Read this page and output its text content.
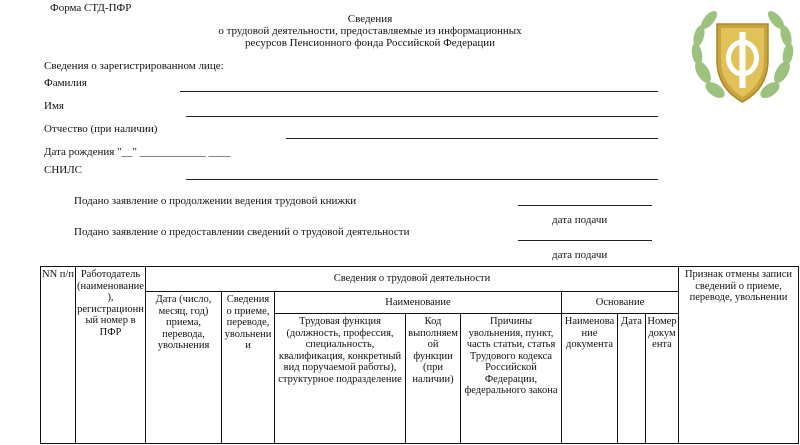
Форма СТД-ПФР
Сведения
о трудовой деятельности, предоставляемые из информационных
ресурсов Пенсионного фонда Российской Федерации
Сведения о зарегистрированном лице:
Фамилия
Имя
Отчество (при наличии)
Дата рождения "__" ____________ ____
СНИЛС
Подано заявление о продолжении ведения трудовой книжки
дата подачи
Подано заявление о предоставлении сведений о трудовой деятельности
дата подачи
NN п/п	Работодатель (наименование), регистрационный номер в ПФР	Сведения о трудовой деятельности								Признак отмены записи сведений о приеме, переводе, увольнении
		Дата (число, месяц, год) приема, перевода, увольнения	Сведения о приеме, переводе, увольнении	Наименование			Основание			
				Трудовая функция (должность, профессия, специальность, квалификация, конкретный вид поручаемой работы), структурное подразделение	Код выполняемой функции (при наличии)	Причины увольнения, пункт, часть статьи, статья Трудового кодекса Российской Федерации, федерального закона	Наименование документа	Дата	Номер документа	
